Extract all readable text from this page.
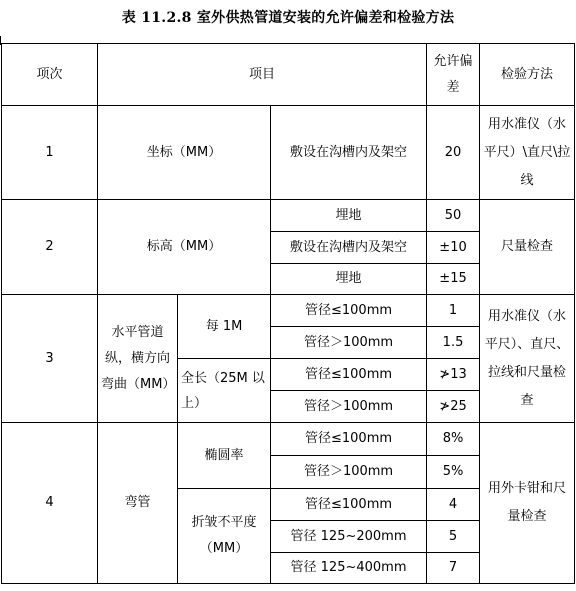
表 11.2.8 室外供热管道安装的允许偏差和检验方法
项次	项目			允许偏差	检验方法
1	坐标（MM）		敷设在沟槽内及架空	20	用水准仪（水平尺）\直尺\拉线
2	标高（MM）		埋地	50	尺量检查
			敷设在沟槽内及架空	±10	
			埋地	±15	
3	水平管道纵，横方向弯曲（MM）	每 1M	管径≤100mm	1	用水准仪（水平尺）、直尺、拉线和尺量检查
			管径＞100mm	1.5	
		全长（25M 以上）	管径≤100mm	≯13	
			管径＞100mm	≯25	
4	弯管	椭圆率	管径≤100mm	8%	用外卡钳和尺量检查
			管径＞100mm	5%	
		折皱不平度（MM）	管径≤100mm	4	
			管径 125~200mm	5	
			管径 125~400mm	7	
